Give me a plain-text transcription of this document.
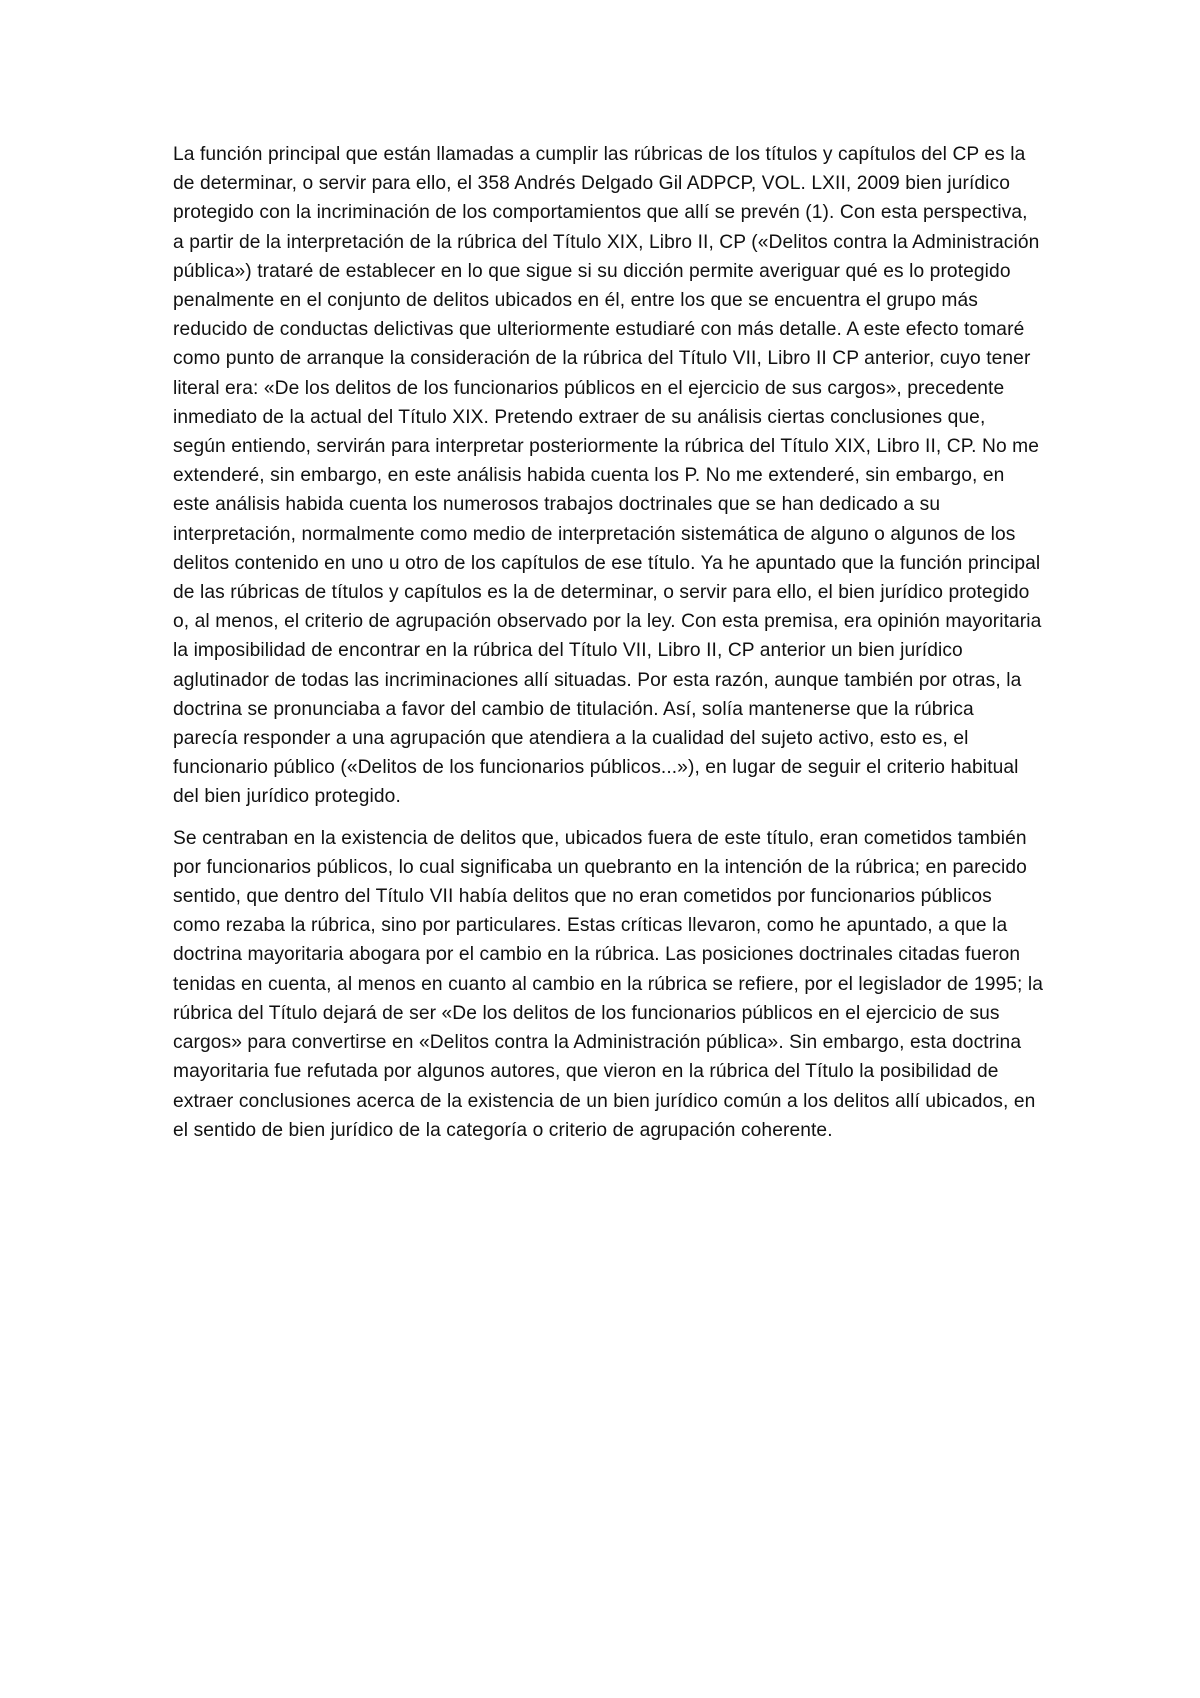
La función principal que están llamadas a cumplir las rúbricas de los títulos y capítulos del CP es la de determinar, o servir para ello, el 358 Andrés Delgado Gil ADPCP, VOL. LXII, 2009 bien jurídico protegido con la incriminación de los comportamientos que allí se prevén (1). Con esta perspectiva, a partir de la interpretación de la rúbrica del Título XIX, Libro II, CP («Delitos contra la Administración pública») trataré de establecer en lo que sigue si su dicción permite averiguar qué es lo protegido penalmente en el conjunto de delitos ubicados en él, entre los que se encuentra el grupo más reducido de conductas delictivas que ulteriormente estudiaré con más detalle. A este efecto tomaré como punto de arranque la consideración de la rúbrica del Título VII, Libro II CP anterior, cuyo tener literal era: «De los delitos de los funcionarios públicos en el ejercicio de sus cargos», precedente inmediato de la actual del Título XIX. Pretendo extraer de su análisis ciertas conclusiones que, según entiendo, servirán para interpretar posteriormente la rúbrica del Título XIX, Libro II, CP. No me extenderé, sin embargo, en este análisis habida cuenta los P. No me extenderé, sin embargo, en este análisis habida cuenta los numerosos trabajos doctrinales que se han dedicado a su interpretación, normalmente como medio de interpretación sistemática de alguno o algunos de los delitos contenido en uno u otro de los capítulos de ese título. Ya he apuntado que la función principal de las rúbricas de títulos y capítulos es la de determinar, o servir para ello, el bien jurídico protegido o, al menos, el criterio de agrupación observado por la ley. Con esta premisa, era opinión mayoritaria la imposibilidad de encontrar en la rúbrica del Título VII, Libro II, CP anterior un bien jurídico aglutinador de todas las incriminaciones allí situadas. Por esta razón, aunque también por otras, la doctrina se pronunciaba a favor del cambio de titulación. Así, solía mantenerse que la rúbrica parecía responder a una agrupación que atendiera a la cualidad del sujeto activo, esto es, el funcionario público («Delitos de los funcionarios públicos...»), en lugar de seguir el criterio habitual del bien jurídico protegido.

Se centraban en la existencia de delitos que, ubicados fuera de este título, eran cometidos también por funcionarios públicos, lo cual significaba un quebranto en la intención de la rúbrica; en parecido sentido, que dentro del Título VII había delitos que no eran cometidos por funcionarios públicos como rezaba la rúbrica, sino por particulares. Estas críticas llevaron, como he apuntado, a que la doctrina mayoritaria abogara por el cambio en la rúbrica. Las posiciones doctrinales citadas fueron tenidas en cuenta, al menos en cuanto al cambio en la rúbrica se refiere, por el legislador de 1995; la rúbrica del Título dejará de ser «De los delitos de los funcionarios públicos en el ejercicio de sus cargos» para convertirse en «Delitos contra la Administración pública». Sin embargo, esta doctrina mayoritaria fue refutada por algunos autores, que vieron en la rúbrica del Título la posibilidad de extraer conclusiones acerca de la existencia de un bien jurídico común a los delitos allí ubicados, en el sentido de bien jurídico de la categoría o criterio de agrupación coherente.
